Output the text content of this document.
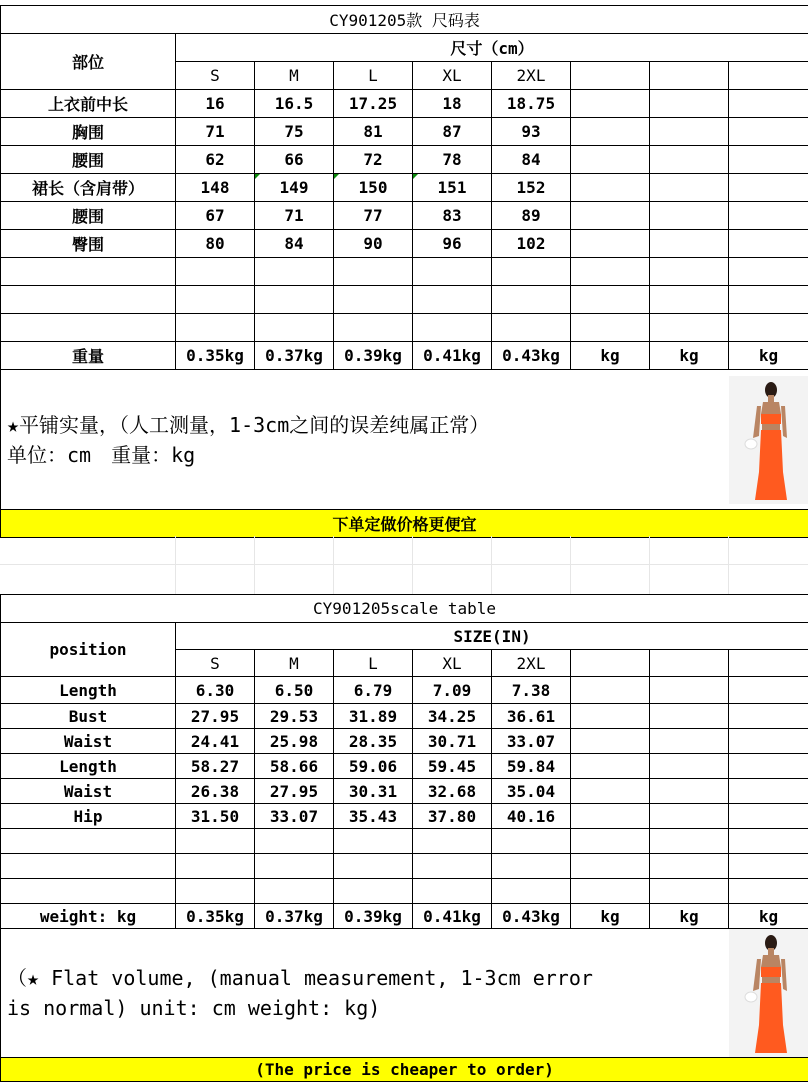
CY901205款 尺码表								
部位	尺寸（cm）							
	S	M	L	XL	2XL			
上衣前中长	16	16.5	17.25	18	18.75			
胸围	71	75	81	87	93			
腰围	62	66	72	78	84			
裙长（含肩带）	148	149	150	151	152			
腰围	67	71	77	83	89			
臀围	80	84	90	96	102			

重量	0.35kg	0.37kg	0.39kg	0.41kg	0.43kg	kg	kg	kg

★平铺实量，（人工测量，1-3cm之间的误差纯属正常）
单位：cm　重量：kg

下单定做价格更便宜								
CY901205scale table								
position	SIZE(IN)							
	S	M	L	XL	2XL			
Length	6.30	6.50	6.79	7.09	7.38			
Bust	27.95	29.53	31.89	34.25	36.61			
Waist	24.41	25.98	28.35	30.71	33.07			
Length	58.27	58.66	59.06	59.45	59.84			
Waist	26.38	27.95	30.31	32.68	35.04			
Hip	31.50	33.07	35.43	37.80	40.16			

weight: kg	0.35kg	0.37kg	0.39kg	0.41kg	0.43kg	kg	kg	kg

（★ Flat volume, (manual measurement, 1-3cm error is normal) unit: cm weight: kg)

(The price is cheaper to order)								
